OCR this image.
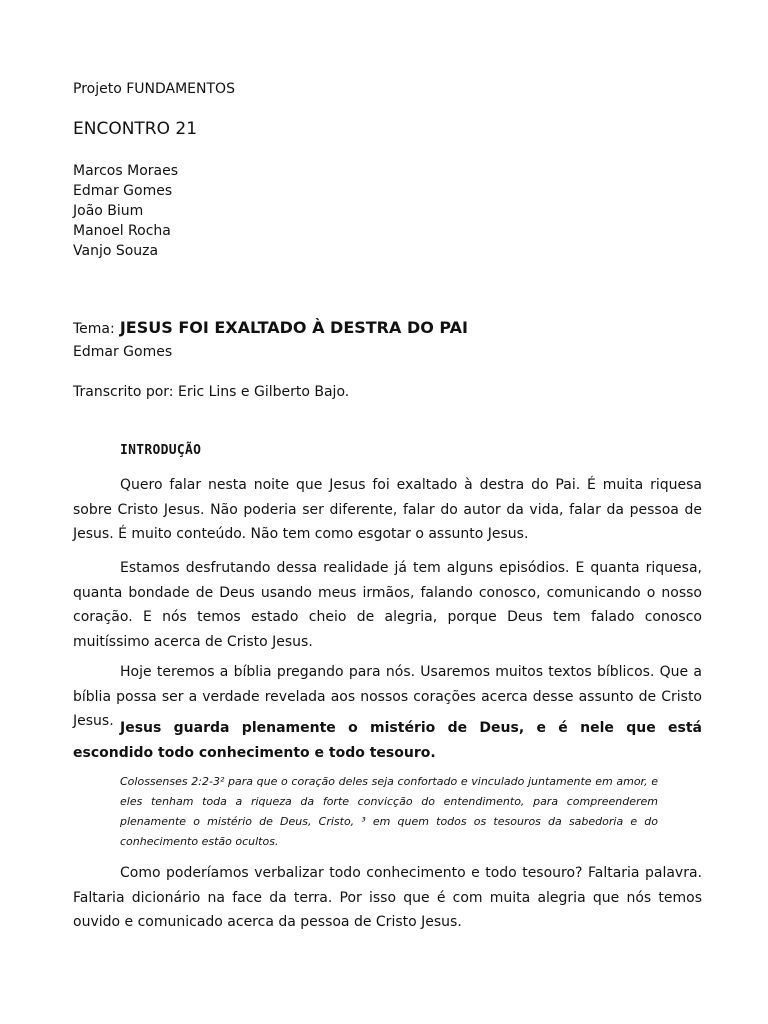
Projeto FUNDAMENTOS
ENCONTRO 21
Marcos Moraes
Edmar Gomes
João Bium
Manoel Rocha
Vanjo Souza
Tema: JESUS FOI EXALTADO À DESTRA DO PAI
Edmar Gomes
Transcrito por: Eric Lins e Gilberto Bajo.
INTRODUÇÃO

Quero falar nesta noite que Jesus foi exaltado à destra do Pai. É muita riquesa sobre Cristo Jesus. Não poderia ser diferente, falar do autor da vida, falar da pessoa de Jesus. É muito conteúdo. Não tem como esgotar o assunto Jesus.

Estamos desfrutando dessa realidade já tem alguns episódios. E quanta riquesa, quanta bondade de Deus usando meus irmãos, falando conosco, comunicando o nosso coração. E nós temos estado cheio de alegria, porque Deus tem falado conosco muitíssimo acerca de Cristo Jesus.

Hoje teremos a bíblia pregando para nós. Usaremos muitos textos bíblicos. Que a bíblia possa ser a verdade revelada aos nossos corações acerca desse assunto de Cristo Jesus. Jesus guarda plenamente o mistério de Deus, e é nele que está escondido todo conhecimento e todo tesouro.

Colossenses 2:2-3² para que o coração deles seja confortado e vinculado juntamente em amor, e eles tenham toda a riqueza da forte convicção do entendimento, para compreenderem plenamente o mistério de Deus, Cristo, ³ em quem todos os tesouros da sabedoria e do conhecimento estão ocultos.

Como poderíamos verbalizar todo conhecimento e todo tesouro? Faltaria palavra. Faltaria dicionário na face da terra. Por isso que é com muita alegria que nós temos ouvido e comunicado acerca da pessoa de Cristo Jesus.
